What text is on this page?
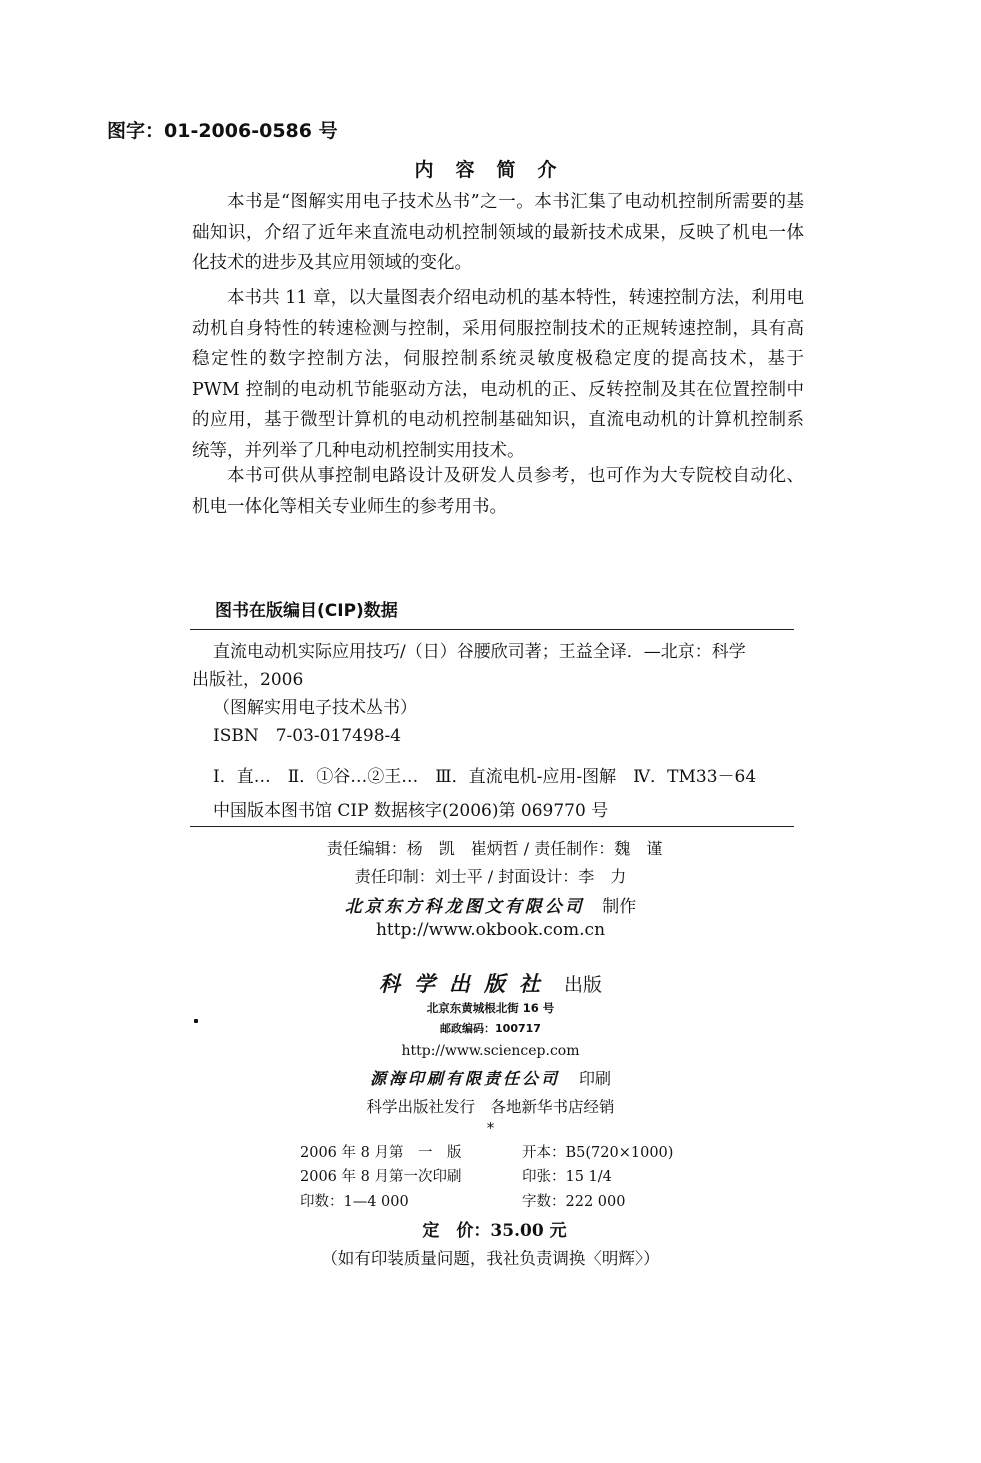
图字：01-2006-0586 号
内容简介

本书是“图解实用电子技术丛书”之一。本书汇集了电动机控制所需要的基础知识，介绍了近年来直流电动机控制领域的最新技术成果，反映了机电一体化技术的进步及其应用领域的变化。

本书共 11 章，以大量图表介绍电动机的基本特性，转速控制方法，利用电动机自身特性的转速检测与控制，采用伺服控制技术的正规转速控制，具有高稳定性的数字控制方法，伺服控制系统灵敏度极稳定度的提高技术，基于 PWM 控制的电动机节能驱动方法，电动机的正、反转控制及其在位置控制中的应用，基于微型计算机的电动机控制基础知识，直流电动机的计算机控制系统等，并列举了几种电动机控制实用技术。

本书可供从事控制电路设计及研发人员参考，也可作为大专院校自动化、机电一体化等相关专业师生的参考用书。

图书在版编目(CIP)数据
直流电动机实际应用技巧/（日）谷腰欣司著；王益全译．—北京：科学
出版社，2006
（图解实用电子技术丛书）
ISBN　7-03-017498-4
Ⅰ．直…　Ⅱ．①谷…②王…　Ⅲ．直流电机-应用-图解　Ⅳ．TM33－64
中国版本图书馆 CIP 数据核字(2006)第 069770 号
责任编辑：杨　凯　崔炳哲 / 责任制作：魏　谨
责任印制：刘士平 / 封面设计：李　力
北京东方科龙图文有限公司 制作
http://www.okbook.com.cn
科学出版社 出版
北京东黄城根北街 16 号
邮政编码：100717
http://www.sciencep.com
源海印刷有限责任公司 印刷
科学出版社发行　各地新华书店经销
*
2006 年 8 月第　一　版	开本：B5(720×1000)
2006 年 8 月第一次印刷	印张：15 1/4
印数：1—4 000	字数：222 000
定　价：35.00 元
（如有印装质量问题，我社负责调换〈明辉〉）
